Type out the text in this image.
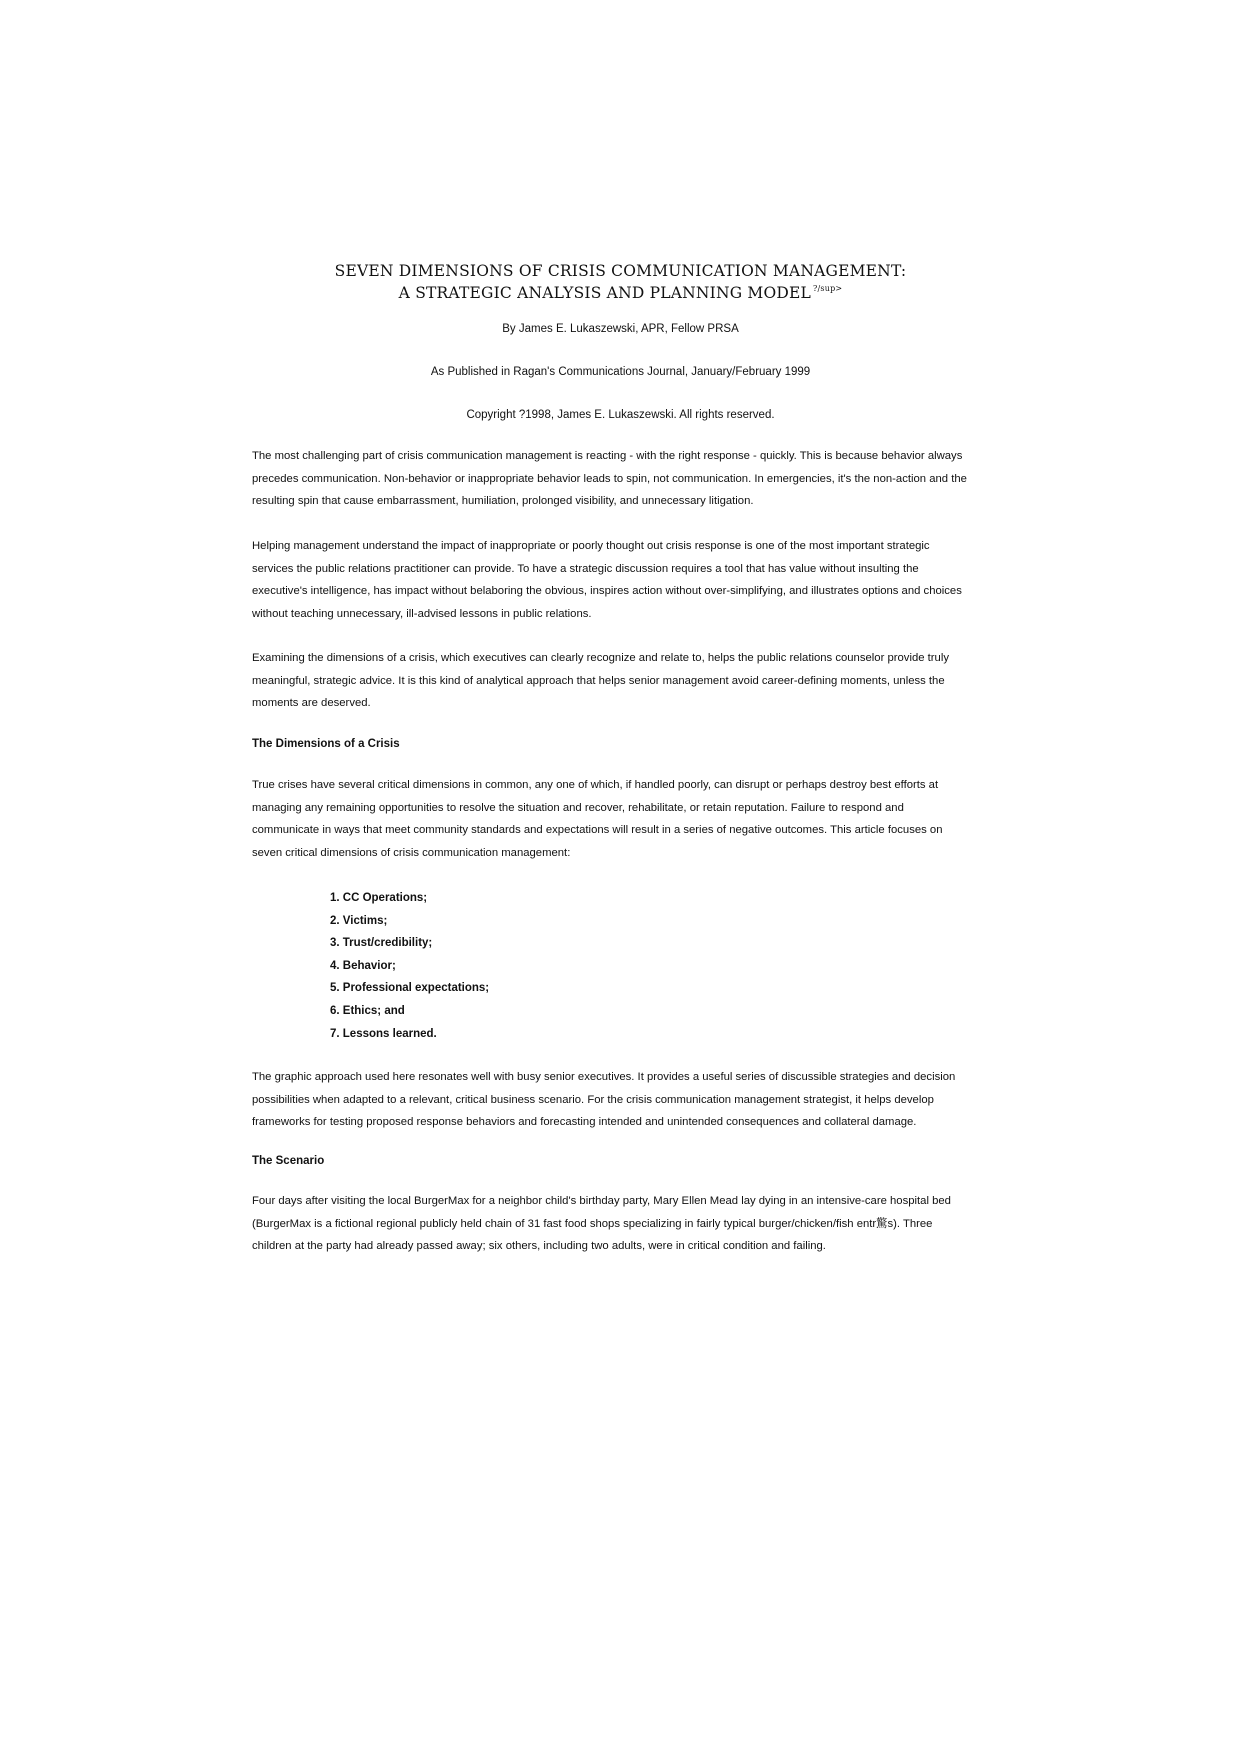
SEVEN DIMENSIONS OF CRISIS COMMUNICATION MANAGEMENT:
A STRATEGIC ANALYSIS AND PLANNING MODEL $^{?/sup>}$
By James E. Lukaszewski, APR, Fellow PRSA
As Published in Ragan's Communications Journal, January/February 1999
Copyright ?1998, James E. Lukaszewski. All rights reserved.
The most challenging part of crisis communication management is reacting - with the right response - quickly. This is because behavior always precedes communication. Non-behavior or inappropriate behavior leads to spin, not communication. In emergencies, it's the non-action and the resulting spin that cause embarrassment, humiliation, prolonged visibility, and unnecessary litigation.
Helping management understand the impact of inappropriate or poorly thought out crisis response is one of the most important strategic services the public relations practitioner can provide. To have a strategic discussion requires a tool that has value without insulting the executive's intelligence, has impact without belaboring the obvious, inspires action without over-simplifying, and illustrates options and choices without teaching unnecessary, ill-advised lessons in public relations.
Examining the dimensions of a crisis, which executives can clearly recognize and relate to, helps the public relations counselor provide truly meaningful, strategic advice. It is this kind of analytical approach that helps senior management avoid career-defining moments, unless the moments are deserved.
The Dimensions of a Crisis
True crises have several critical dimensions in common, any one of which, if handled poorly, can disrupt or perhaps destroy best efforts at managing any remaining opportunities to resolve the situation and recover, rehabilitate, or retain reputation. Failure to respond and communicate in ways that meet community standards and expectations will result in a series of negative outcomes. This article focuses on seven critical dimensions of crisis communication management:
1. CC Operations;
2. Victims;
3. Trust/credibility;
4. Behavior;
5. Professional expectations;
6. Ethics; and
7. Lessons learned.
The graphic approach used here resonates well with busy senior executives. It provides a useful series of discussible strategies and decision possibilities when adapted to a relevant, critical business scenario. For the crisis communication management strategist, it helps develop frameworks for testing proposed response behaviors and forecasting intended and unintended consequences and collateral damage.
The Scenario
Four days after visiting the local BurgerMax for a neighbor child's birthday party, Mary Ellen Mead lay dying in an intensive-care hospital bed (BurgerMax is a fictional regional publicly held chain of 31 fast food shops specializing in fairly typical burger/chicken/fish entr驚s). Three children at the party had already passed away; six others, including two adults, were in critical condition and failing.
